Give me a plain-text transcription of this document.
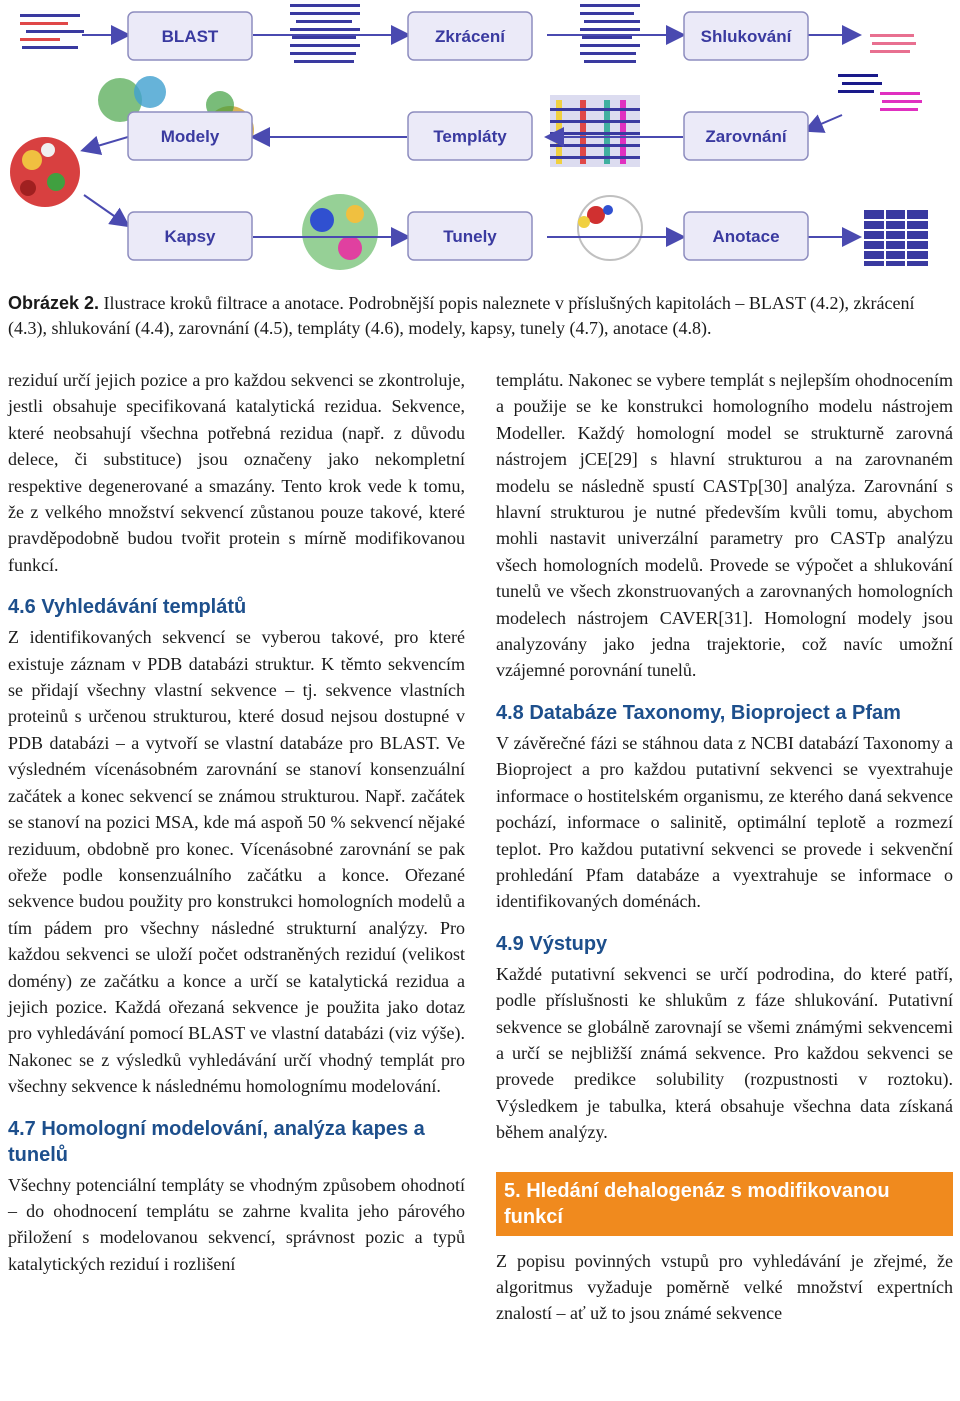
BLAST	Zkrácení	Shlukování
Modely	Templáty	Zarovnání
Kapsy	Tunely	Anotace
Obrázek 2. Ilustrace kroků filtrace a anotace. Podrobnější popis naleznete v příslušných kapitolách – BLAST (4.2), zkrácení (4.3), shlukování (4.4), zarovnání (4.5), templáty (4.6), modely, kapsy, tunely (4.7), anotace (4.8).

reziduí určí jejich pozice a pro každou sekvenci se zkontroluje, jestli obsahuje specifikovaná katalytická rezidua. Sekvence, které neobsahují všechna potřebná rezidua (např. z důvodu delece, či substituce) jsou označeny jako nekompletní respektive degenerované a smazány. Tento krok vede k tomu, že z velkého množství sekvencí zůstanou pouze takové, které pravděpodobně budou tvořit protein s mírně modifikovanou funkcí.

4.6 Vyhledávání templátů

Z identifikovaných sekvencí se vyberou takové, pro které existuje záznam v PDB databázi struktur. K těmto sekvencím se přidají všechny vlastní sekvence – tj. sekvence vlastních proteinů s určenou strukturou, které dosud nejsou dostupné v PDB databázi – a vytvoří se vlastní databáze pro BLAST. Ve výsledném vícenásobném zarovnání se stanoví konsenzuální začátek a konec sekvencí se známou strukturou. Např. začátek se stanoví na pozici MSA, kde má aspoň 50 % sekvencí nějaké reziduum, obdobně pro konec. Vícenásobné zarovnání se pak ořeže podle konsenzuálního začátku a konce. Ořezané sekvence budou použity pro konstrukci homologních modelů a tím pádem pro všechny následné strukturní analýzy. Pro každou sekvenci se uloží počet odstraněných reziduí (velikost domény) ze začátku a konce a určí se katalytická rezidua a jejich pozice. Každá ořezaná sekvence je použita jako dotaz pro vyhledávání pomocí BLAST ve vlastní databázi (viz výše). Nakonec se z výsledků vyhledávání určí vhodný templát pro všechny sekvence k následnému homolognímu modelování.

4.7 Homologní modelování, analýza kapes a tunelů

Všechny potenciální templáty se vhodným způsobem ohodnotí – do ohodnocení templátu se zahrne kvalita jeho párového přiložení s modelovanou sekvencí, správnost pozic a typů katalytických reziduí i rozlišení

templátu. Nakonec se vybere templát s nejlepším ohodnocením a použije se ke konstrukci homologního modelu nástrojem Modeller. Každý homologní model se strukturně zarovná nástrojem jCE[29] s hlavní strukturou a na zarovnaném modelu se následně spustí CASTp[30] analýza. Zarovnání s hlavní strukturou je nutné především kvůli tomu, abychom mohli nastavit univerzální parametry pro CASTp analýzu všech homologních modelů. Provede se výpočet a shlukování tunelů ve všech zkonstruovaných a zarovnaných homologních modelech nástrojem CAVER[31]. Homologní modely jsou analyzovány jako jedna trajektorie, což navíc umožní vzájemné porovnání tunelů.

4.8 Databáze Taxonomy, Bioproject a Pfam

V závěrečné fázi se stáhnou data z NCBI databází Taxonomy a Bioproject a pro každou putativní sekvenci se vyextrahuje informace o hostitelském organismu, ze kterého daná sekvence pochází, informace o salinitě, optimální teplotě a rozmezí teplot. Pro každou putativní sekvenci se provede i sekvenční prohledání Pfam databáze a vyextrahuje se informace o identifikovaných doménách.

4.9 Výstupy

Každé putativní sekvenci se určí podrodina, do které patří, podle příslušnosti ke shlukům z fáze shlukování. Putativní sekvence se globálně zarovnají se všemi známými sekvencemi a určí se nejbližší známá sekvence. Pro každou sekvenci se provede predikce solubility (rozpustnosti v roztoku). Výsledkem je tabulka, která obsahuje všechna data získaná během analýzy.

5. Hledání dehalogenáz s modifikovanou funkcí

Z popisu povinných vstupů pro vyhledávání je zřejmé, že algoritmus vyžaduje poměrně velké množství expertních znalostí – ať už to jsou známé sekvence
